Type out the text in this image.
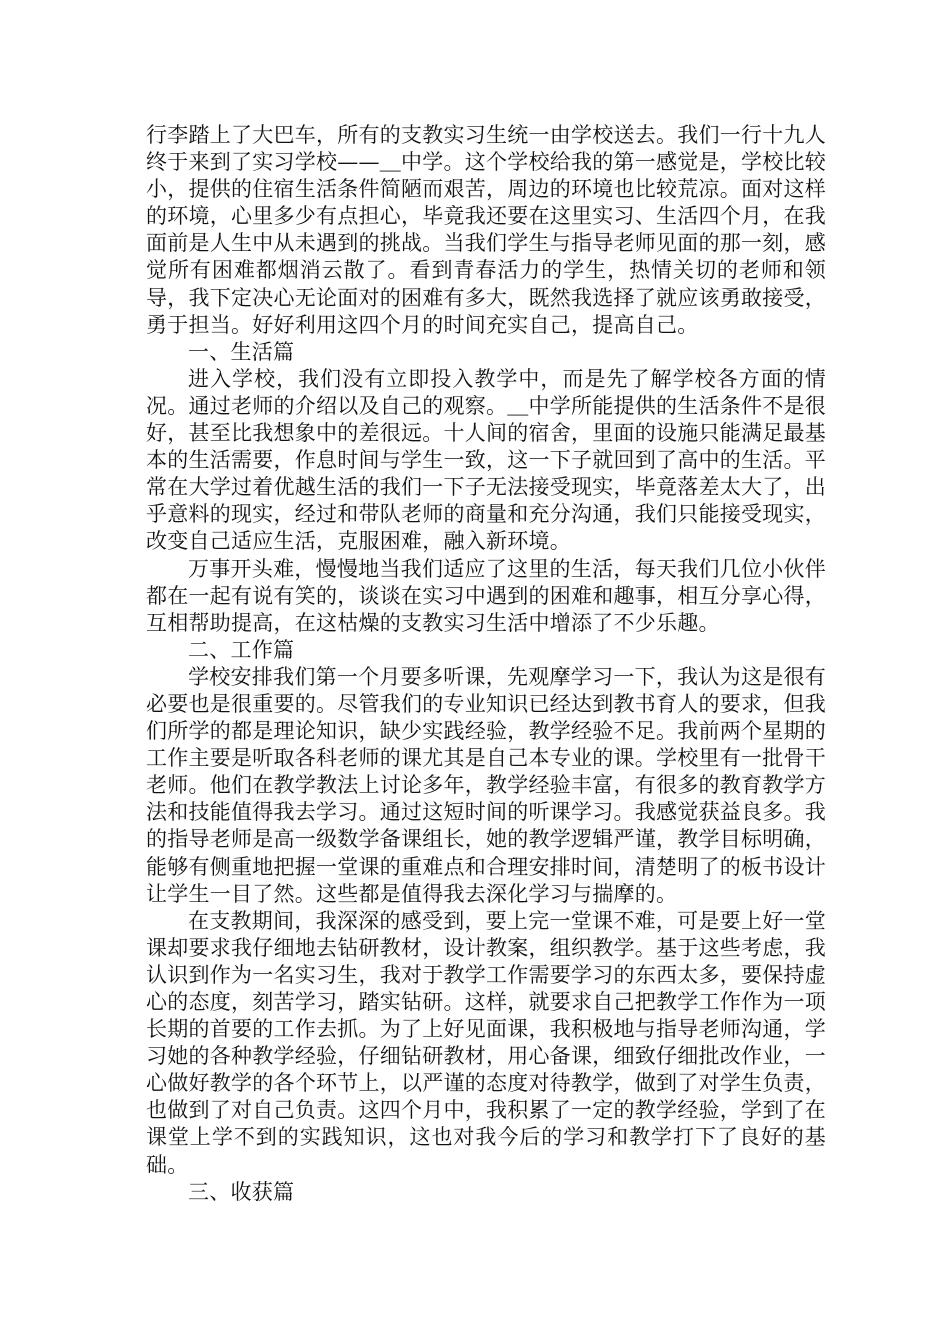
行李踏上了大巴车，所有的支教实习生统一由学校送去。我们一行十九人终于来到了实习学校——＿中学。这个学校给我的第一感觉是，学校比较小，提供的住宿生活条件简陋而艰苦，周边的环境也比较荒凉。面对这样的环境，心里多少有点担心，毕竟我还要在这里实习、生活四个月，在我面前是人生中从未遇到的挑战。当我们学生与指导老师见面的那一刻，感觉所有困难都烟消云散了。看到青春活力的学生，热情关切的老师和领导，我下定决心无论面对的困难有多大，既然我选择了就应该勇敢接受，勇于担当。好好利用这四个月的时间充实自己，提高自己。

一、生活篇

进入学校，我们没有立即投入教学中，而是先了解学校各方面的情况。通过老师的介绍以及自己的观察。＿中学所能提供的生活条件不是很好，甚至比我想象中的差很远。十人间的宿舍，里面的设施只能满足最基本的生活需要，作息时间与学生一致，这一下子就回到了高中的生活。平常在大学过着优越生活的我们一下子无法接受现实，毕竟落差太大了，出乎意料的现实，经过和带队老师的商量和充分沟通，我们只能接受现实，改变自己适应生活，克服困难，融入新环境。

万事开头难，慢慢地当我们适应了这里的生活，每天我们几位小伙伴都在一起有说有笑的，谈谈在实习中遇到的困难和趣事，相互分享心得，互相帮助提高，在这枯燥的支教实习生活中增添了不少乐趣。

二、工作篇

学校安排我们第一个月要多听课，先观摩学习一下，我认为这是很有必要也是很重要的。尽管我们的专业知识已经达到教书育人的要求，但我们所学的都是理论知识，缺少实践经验，教学经验不足。我前两个星期的工作主要是听取各科老师的课尤其是自己本专业的课。学校里有一批骨干老师。他们在教学教法上讨论多年，教学经验丰富，有很多的教育教学方法和技能值得我去学习。通过这短时间的听课学习。我感觉获益良多。我的指导老师是高一级数学备课组长，她的教学逻辑严谨，教学目标明确，能够有侧重地把握一堂课的重难点和合理安排时间，清楚明了的板书设计让学生一目了然。这些都是值得我去深化学习与揣摩的。

在支教期间，我深深的感受到，要上完一堂课不难，可是要上好一堂课却要求我仔细地去钻研教材，设计教案，组织教学。基于这些考虑，我认识到作为一名实习生，我对于教学工作需要学习的东西太多，要保持虚心的态度，刻苦学习，踏实钻研。这样，就要求自己把教学工作作为一项长期的首要的工作去抓。为了上好见面课，我积极地与指导老师沟通，学习她的各种教学经验，仔细钻研教材，用心备课，细致仔细批改作业，一心做好教学的各个环节上，以严谨的态度对待教学，做到了对学生负责，也做到了对自己负责。这四个月中，我积累了一定的教学经验，学到了在课堂上学不到的实践知识，这也对我今后的学习和教学打下了良好的基础。

三、收获篇
